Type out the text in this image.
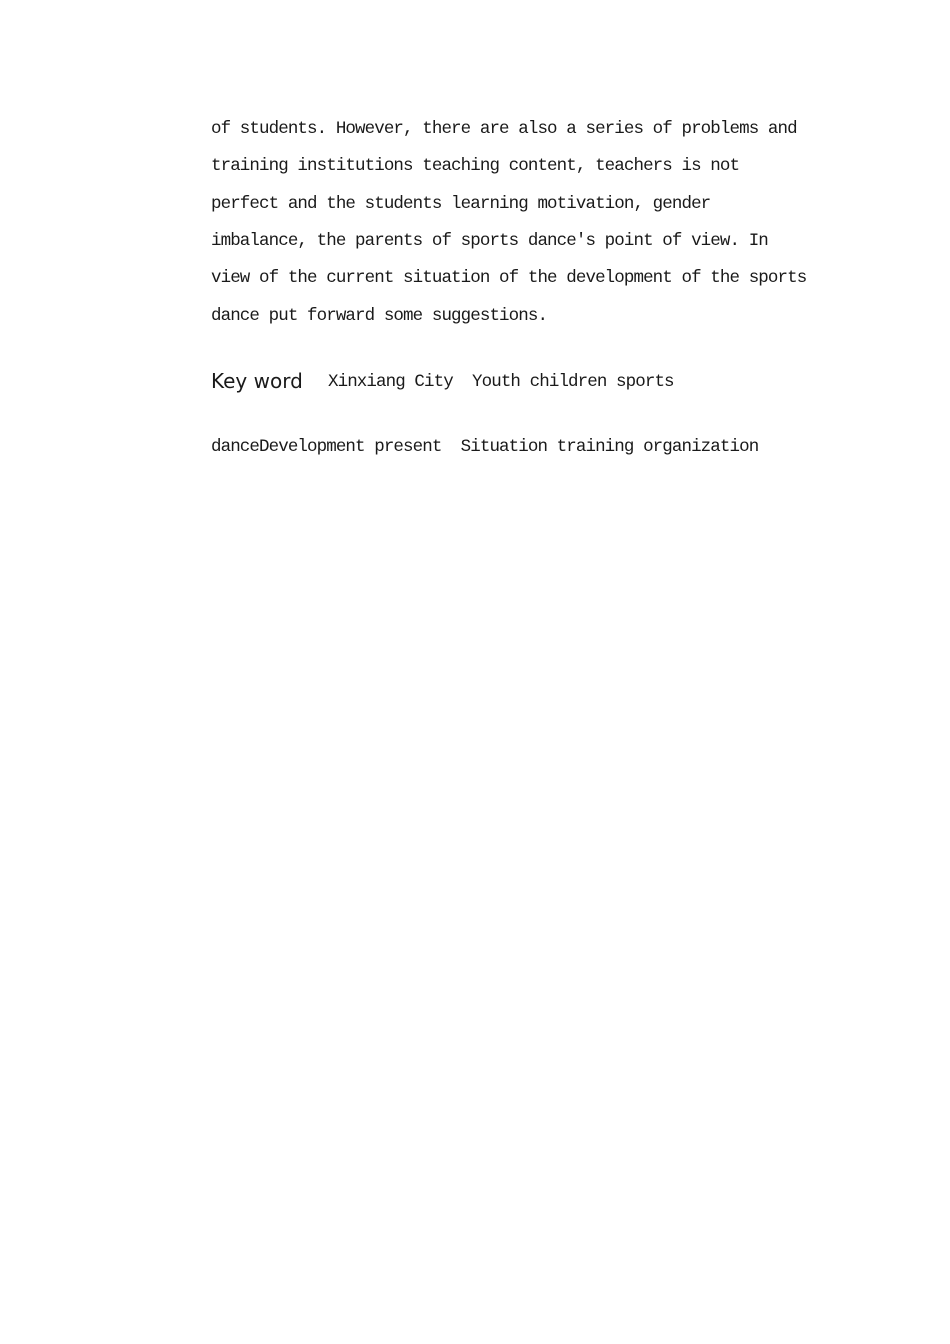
of students. However, there are also a series of problems and
training institutions teaching content, teachers is not
perfect and the students learning motivation, gender
imbalance, the parents of sports dance's point of view. In
view of the current situation of the development of the sports
dance put forward some suggestions.
Key word Xinxiang City  Youth children sports
danceDevelopment present  Situation training organization
